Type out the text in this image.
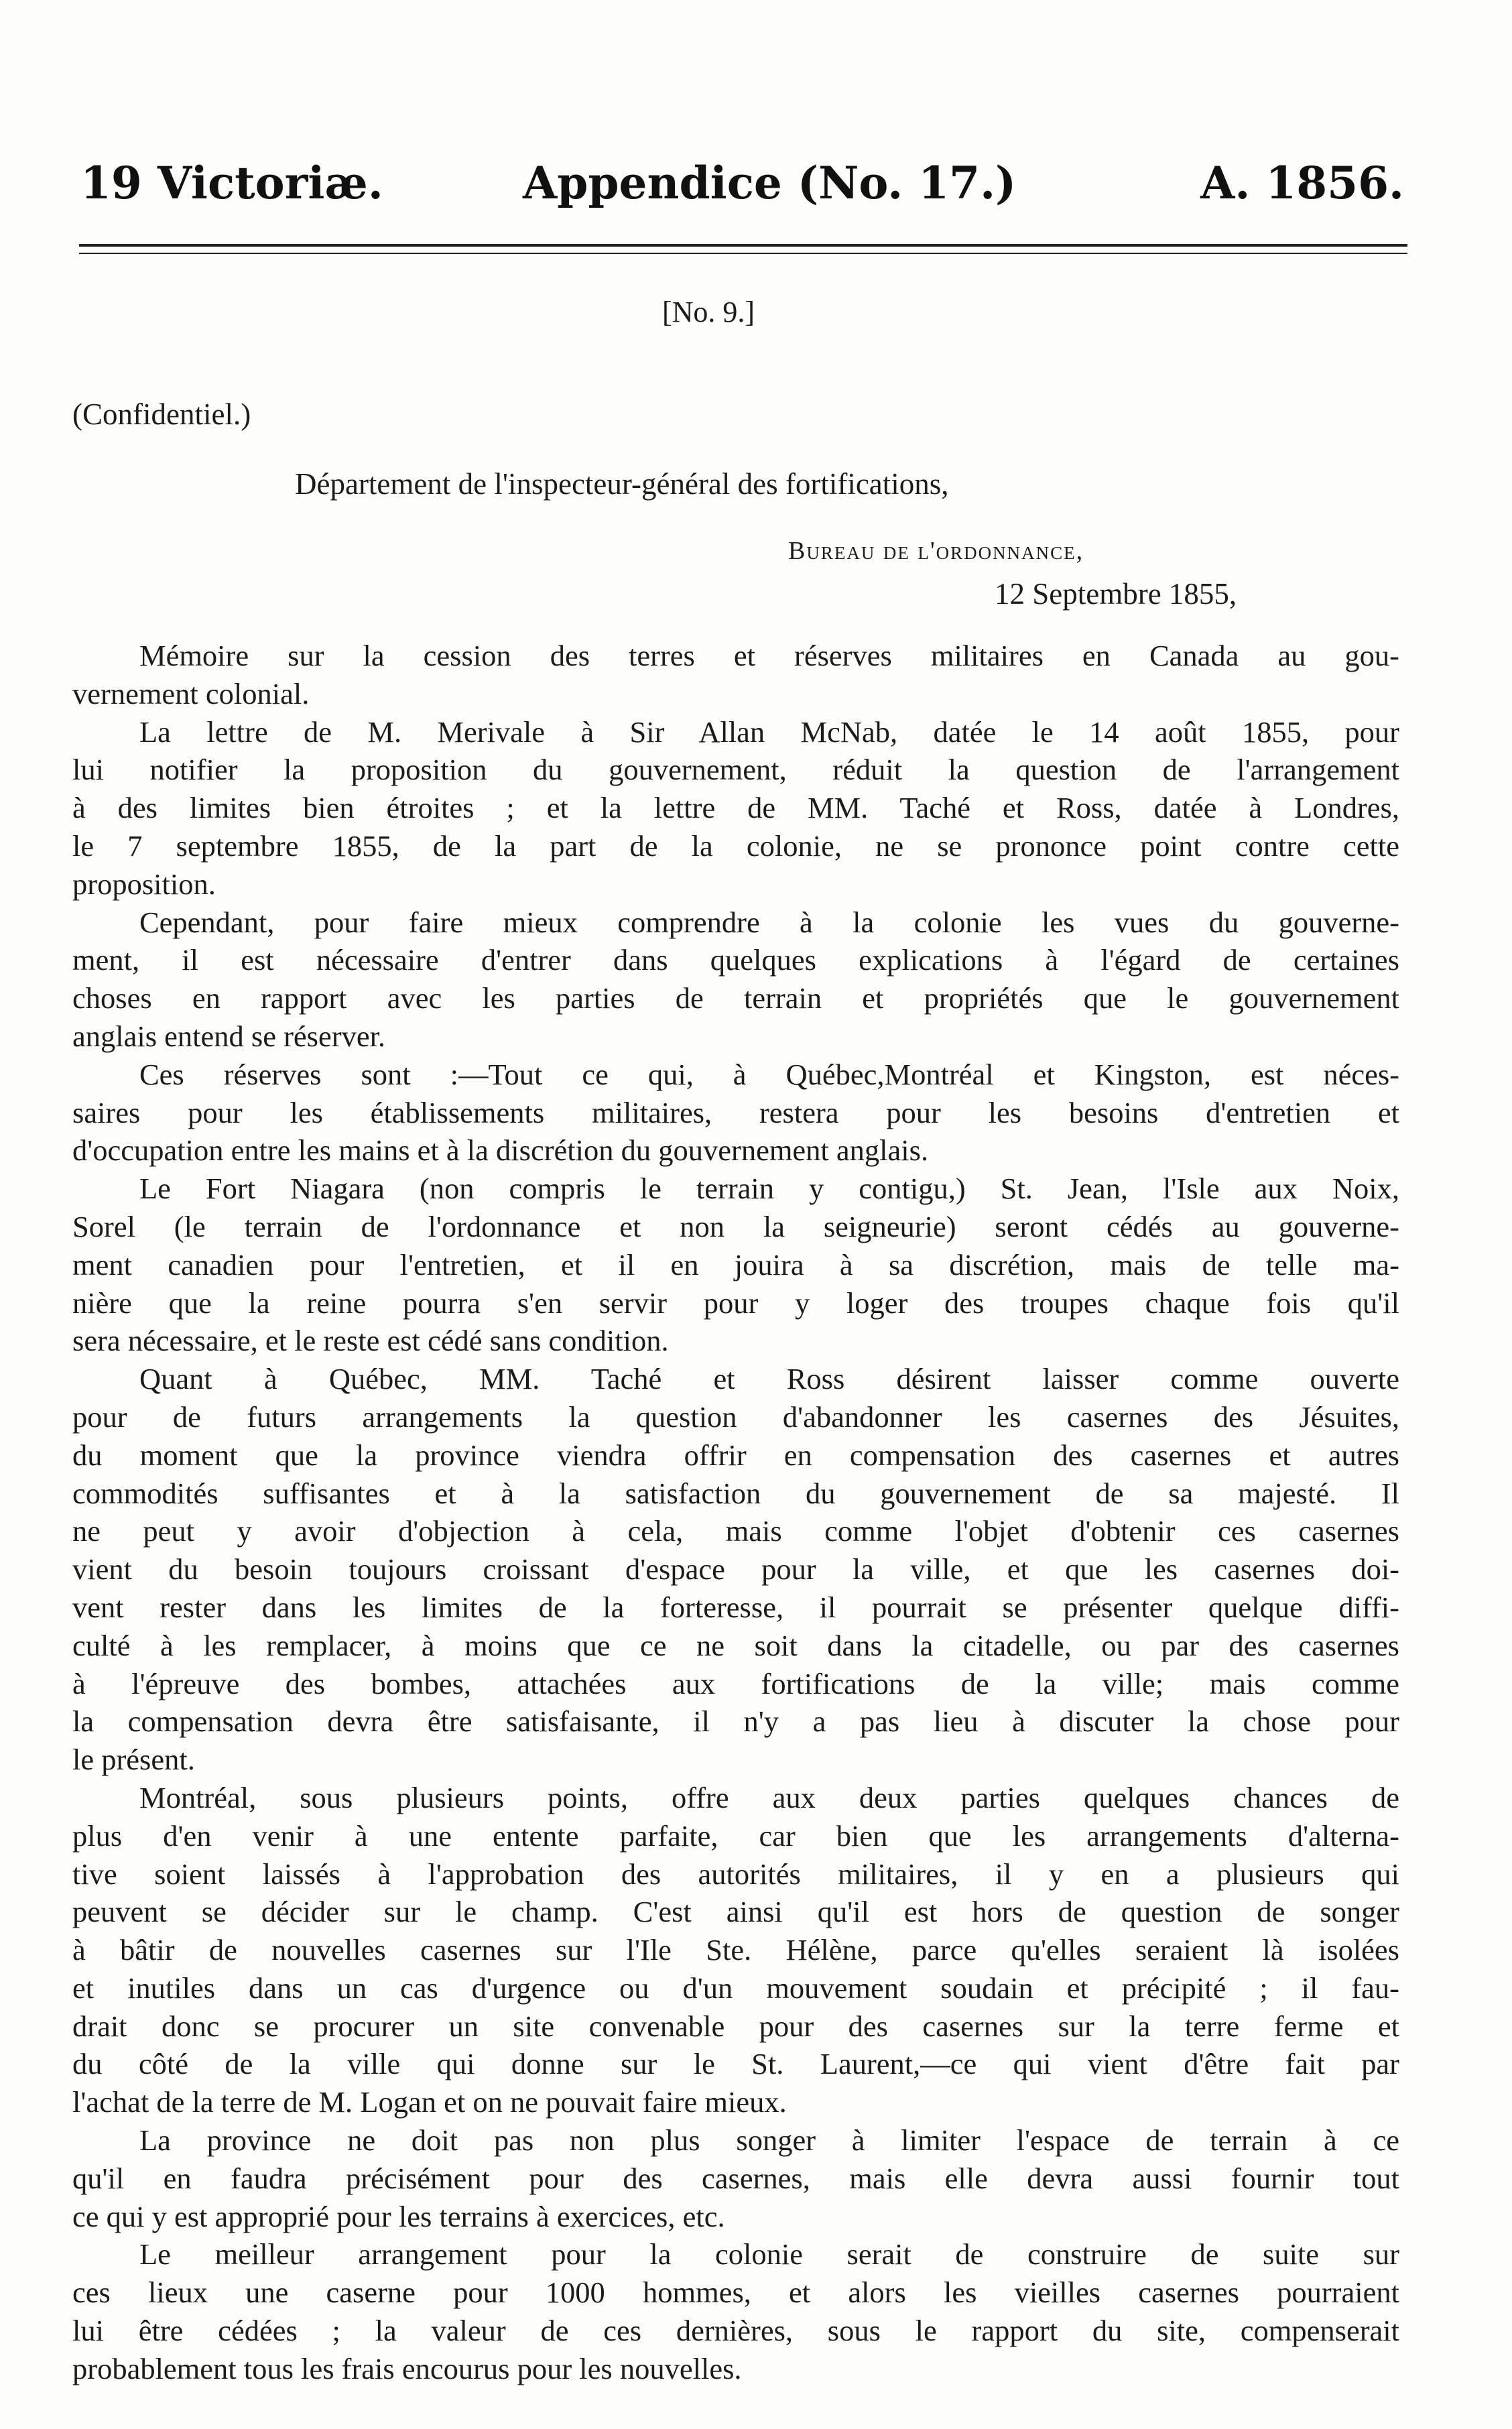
19 Victoriæ.	Appendice (No. 17.)	A. 1856.
[No. 9.]
(Confidentiel.)
Département de l'inspecteur-général des fortifications,
Bureau de l'ordonnance,
12 Septembre 1855,

Mémoire sur la cession des terres et réserves militaires en Canada au gou-

vernement colonial.

La lettre de M. Merivale à Sir Allan McNab, datée le 14 août 1855, pour

lui notifier la proposition du gouvernement, réduit la question de l'arrangement

à des limites bien étroites ; et la lettre de MM. Taché et Ross, datée à Londres,

le 7 septembre 1855, de la part de la colonie, ne se prononce point contre cette

proposition.

Cependant, pour faire mieux comprendre à la colonie les vues du gouverne-

ment, il est nécessaire d'entrer dans quelques explications à l'égard de certaines

choses en rapport avec les parties de terrain et propriétés que le gouvernement

anglais entend se réserver.

Ces réserves sont :—Tout ce qui, à Québec,Montréal et Kingston, est néces-

saires pour les établissements militaires, restera pour les besoins d'entretien et

d'occupation entre les mains et à la discrétion du gouvernement anglais.

Le Fort Niagara (non compris le terrain y contigu,) St. Jean, l'Isle aux Noix,

Sorel (le terrain de l'ordonnance et non la seigneurie) seront cédés au gouverne-

ment canadien pour l'entretien, et il en jouira à sa discrétion, mais de telle ma-

nière que la reine pourra s'en servir pour y loger des troupes chaque fois qu'il

sera nécessaire, et le reste est cédé sans condition.

Quant à Québec, MM. Taché et Ross désirent laisser comme ouverte

pour de futurs arrangements la question d'abandonner les casernes des Jésuites,

du moment que la province viendra offrir en compensation des casernes et autres

commodités suffisantes et à la satisfaction du gouvernement de sa majesté. Il

ne peut y avoir d'objection à cela, mais comme l'objet d'obtenir ces casernes

vient du besoin toujours croissant d'espace pour la ville, et que les casernes doi-

vent rester dans les limites de la forteresse, il pourrait se présenter quelque diffi-

culté à les remplacer, à moins que ce ne soit dans la citadelle, ou par des casernes

à l'épreuve des bombes, attachées aux fortifications de la ville; mais comme

la compensation devra être satisfaisante, il n'y a pas lieu à discuter la chose pour

le présent.

Montréal, sous plusieurs points, offre aux deux parties quelques chances de

plus d'en venir à une entente parfaite, car bien que les arrangements d'alterna-

tive soient laissés à l'approbation des autorités militaires, il y en a plusieurs qui

peuvent se décider sur le champ. C'est ainsi qu'il est hors de question de songer

à bâtir de nouvelles casernes sur l'Ile Ste. Hélène, parce qu'elles seraient là isolées

et inutiles dans un cas d'urgence ou d'un mouvement soudain et précipité ; il fau-

drait donc se procurer un site convenable pour des casernes sur la terre ferme et

du côté de la ville qui donne sur le St. Laurent,—ce qui vient d'être fait par

l'achat de la terre de M. Logan et on ne pouvait faire mieux.

La province ne doit pas non plus songer à limiter l'espace de terrain à ce

qu'il en faudra précisément pour des casernes, mais elle devra aussi fournir tout

ce qui y est approprié pour les terrains à exercices, etc.

Le meilleur arrangement pour la colonie serait de construire de suite sur

ces lieux une caserne pour 1000 hommes, et alors les vieilles casernes pourraient

lui être cédées ; la valeur de ces dernières, sous le rapport du site, compenserait

probablement tous les frais encourus pour les nouvelles.
